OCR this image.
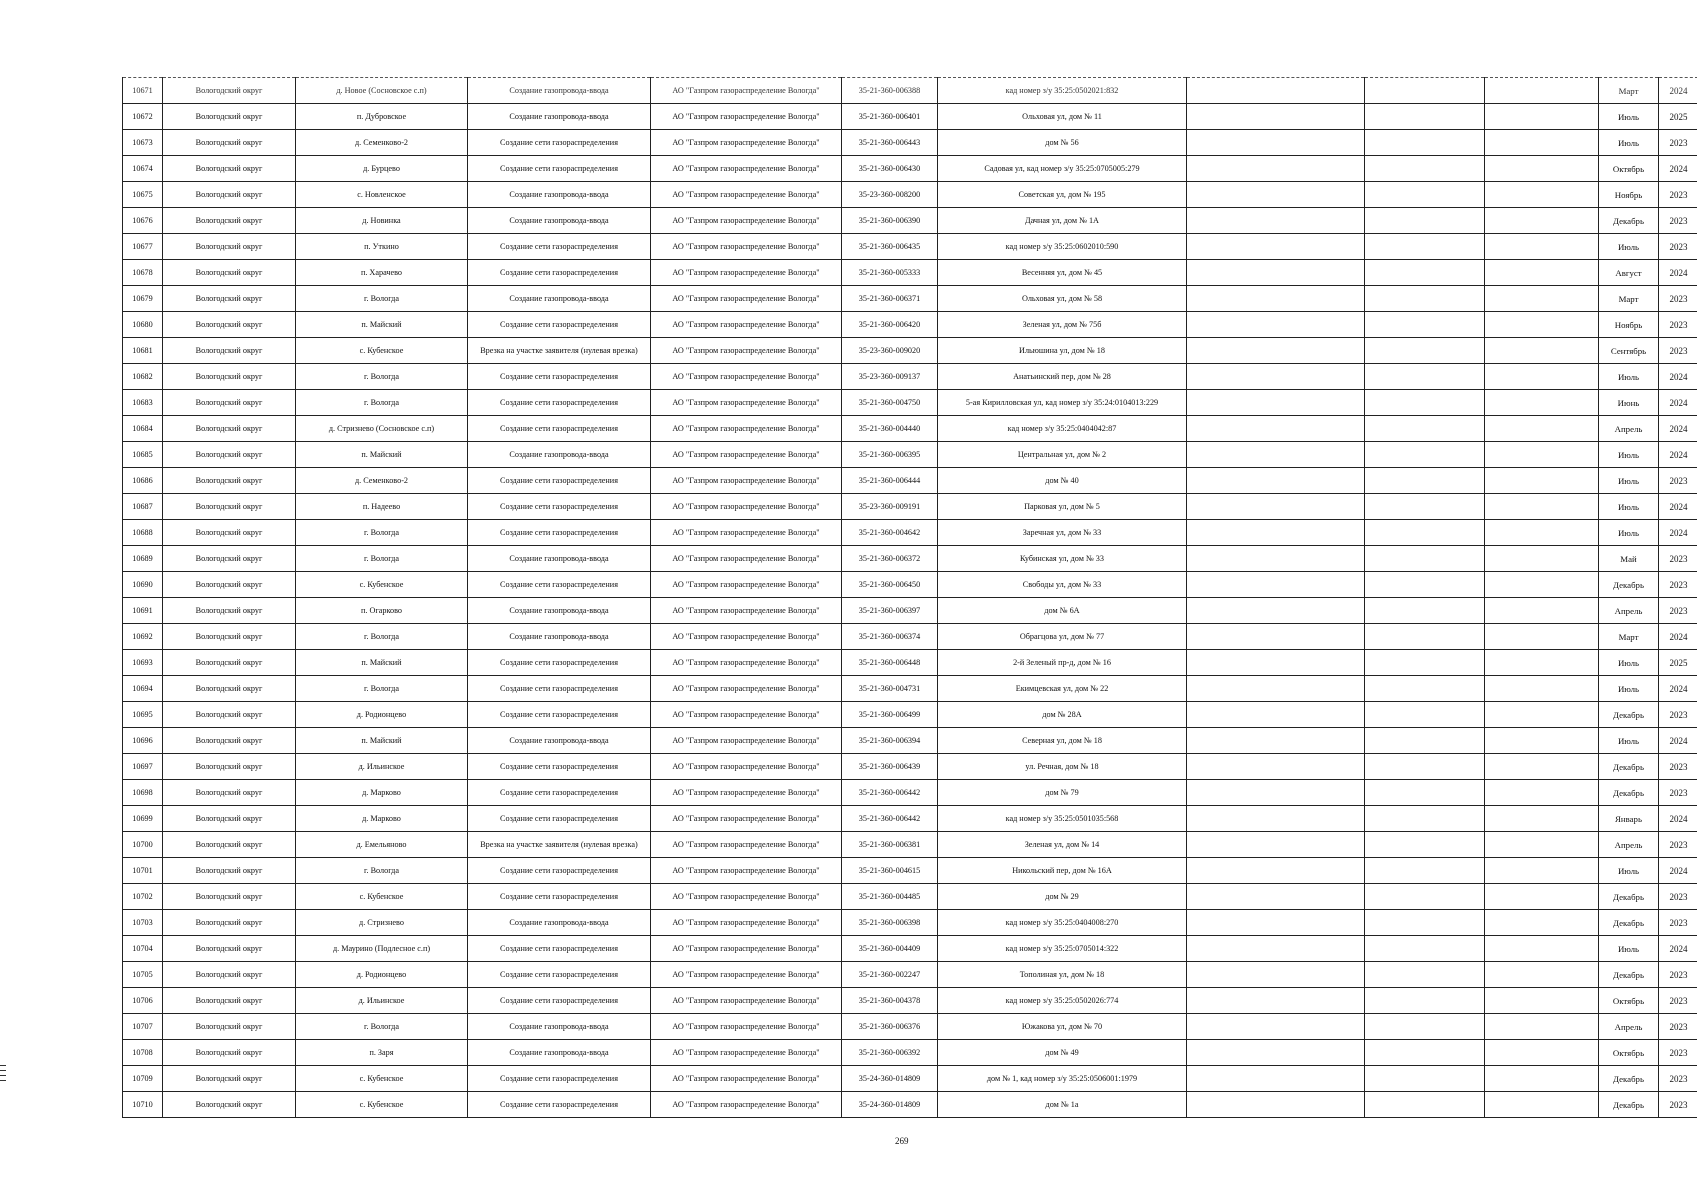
10671	Вологодский округ	д. Новое (Сосновское с.п)	Создание газопровода-ввода	АО "Газпром газораспределение Вологда"	35-21-360-006388	кад номер з/у 35:25:0502021:832				Март	2024
10672	Вологодский округ	п. Дубровское	Создание газопровода-ввода	АО "Газпром газораспределение Вологда"	35-21-360-006401	Ольховая ул, дом № 11				Июль	2025
10673	Вологодский округ	д. Семенково-2	Создание сети газораспределения	АО "Газпром газораспределение Вологда"	35-21-360-006443	дом № 56				Июль	2023
10674	Вологодский округ	д. Бурцево	Создание сети газораспределения	АО "Газпром газораспределение Вологда"	35-21-360-006430	Садовая ул, кад номер з/у 35:25:0705005:279				Октябрь	2024
10675	Вологодский округ	с. Новленское	Создание газопровода-ввода	АО "Газпром газораспределение Вологда"	35-23-360-008200	Советская ул, дом № 195				Ноябрь	2023
10676	Вологодский округ	д. Новинка	Создание газопровода-ввода	АО "Газпром газораспределение Вологда"	35-21-360-006390	Дачная ул, дом № 1А				Декабрь	2023
10677	Вологодский округ	п. Уткино	Создание сети газораспределения	АО "Газпром газораспределение Вологда"	35-21-360-006435	кад номер з/у 35:25:0602010:590				Июль	2023
10678	Вологодский округ	п. Харачево	Создание сети газораспределения	АО "Газпром газораспределение Вологда"	35-21-360-005333	Весенняя ул, дом № 45				Август	2024
10679	Вологодский округ	г. Вологда	Создание газопровода-ввода	АО "Газпром газораспределение Вологда"	35-21-360-006371	Ольховая ул, дом № 58				Март	2023
10680	Вологодский округ	п. Майский	Создание сети газораспределения	АО "Газпром газораспределение Вологда"	35-21-360-006420	Зеленая ул, дом № 75б				Ноябрь	2023
10681	Вологодский округ	с. Кубенское	Врезка на участке заявителя (нулевая врезка)	АО "Газпром газораспределение Вологда"	35-23-360-009020	Ильюшина ул, дом № 18				Сентябрь	2023
10682	Вологодский округ	г. Вологда	Создание сети газораспределения	АО "Газпром газораспределение Вологда"	35-23-360-009137	Анатьинский пер, дом № 28				Июль	2024
10683	Вологодский округ	г. Вологда	Создание сети газораспределения	АО "Газпром газораспределение Вологда"	35-21-360-004750	5-ая Кирилловская ул, кад номер з/у 35:24:0104013:229				Июнь	2024
10684	Вологодский округ	д. Стризнево (Сосновское с.п)	Создание сети газораспределения	АО "Газпром газораспределение Вологда"	35-21-360-004440	кад номер з/у 35:25:0404042:87				Апрель	2024
10685	Вологодский округ	п. Майский	Создание газопровода-ввода	АО "Газпром газораспределение Вологда"	35-21-360-006395	Центральная ул, дом № 2				Июль	2024
10686	Вологодский округ	д. Семенково-2	Создание сети газораспределения	АО "Газпром газораспределение Вологда"	35-21-360-006444	дом № 40				Июль	2023
10687	Вологодский округ	п. Надеево	Создание сети газораспределения	АО "Газпром газораспределение Вологда"	35-23-360-009191	Парковая ул, дом № 5				Июль	2024
10688	Вологодский округ	г. Вологда	Создание сети газораспределения	АО "Газпром газораспределение Вологда"	35-21-360-004642	Заречная ул, дом № 33				Июль	2024
10689	Вологодский округ	г. Вологда	Создание газопровода-ввода	АО "Газпром газораспределение Вологда"	35-21-360-006372	Кубинская ул, дом № 33				Май	2023
10690	Вологодский округ	с. Кубенское	Создание сети газораспределения	АО "Газпром газораспределение Вологда"	35-21-360-006450	Свободы ул, дом № 33				Декабрь	2023
10691	Вологодский округ	п. Огарково	Создание газопровода-ввода	АО "Газпром газораспределение Вологда"	35-21-360-006397	дом № 6А				Апрель	2023
10692	Вологодский округ	г. Вологда	Создание газопровода-ввода	АО "Газпром газораспределение Вологда"	35-21-360-006374	Обрагцова ул, дом № 77				Март	2024
10693	Вологодский округ	п. Майский	Создание сети газораспределения	АО "Газпром газораспределение Вологда"	35-21-360-006448	2-й Зеленый пр-д, дом № 16				Июль	2025
10694	Вологодский округ	г. Вологда	Создание сети газораспределения	АО "Газпром газораспределение Вологда"	35-21-360-004731	Екимцевская ул, дом № 22				Июль	2024
10695	Вологодский округ	д. Родионцево	Создание сети газораспределения	АО "Газпром газораспределение Вологда"	35-21-360-006499	дом № 28А				Декабрь	2023
10696	Вологодский округ	п. Майский	Создание газопровода-ввода	АО "Газпром газораспределение Вологда"	35-21-360-006394	Северная ул, дом № 18				Июль	2024
10697	Вологодский округ	д. Ильинское	Создание сети газораспределения	АО "Газпром газораспределение Вологда"	35-21-360-006439	ул. Речная, дом № 18				Декабрь	2023
10698	Вологодский округ	д. Марково	Создание сети газораспределения	АО "Газпром газораспределение Вологда"	35-21-360-006442	дом № 79				Декабрь	2023
10699	Вологодский округ	д. Марково	Создание сети газораспределения	АО "Газпром газораспределение Вологда"	35-21-360-006442	кад номер з/у 35:25:0501035:568				Январь	2024
10700	Вологодский округ	д. Емельяново	Врезка на участке заявителя (нулевая врезка)	АО "Газпром газораспределение Вологда"	35-21-360-006381	Зеленая ул, дом № 14				Апрель	2023
10701	Вологодский округ	г. Вологда	Создание сети газораспределения	АО "Газпром газораспределение Вологда"	35-21-360-004615	Никольский пер, дом № 16А				Июль	2024
10702	Вологодский округ	с. Кубенское	Создание сети газораспределения	АО "Газпром газораспределение Вологда"	35-21-360-004485	дом № 29				Декабрь	2023
10703	Вологодский округ	д. Стризнево	Создание газопровода-ввода	АО "Газпром газораспределение Вологда"	35-21-360-006398	кад номер з/у 35:25:0404008:270				Декабрь	2023
10704	Вологодский округ	д. Маурино (Подлесное с.п)	Создание сети газораспределения	АО "Газпром газораспределение Вологда"	35-21-360-004409	кад номер з/у 35:25:0705014:322				Июль	2024
10705	Вологодский округ	д. Родионцево	Создание сети газораспределения	АО "Газпром газораспределение Вологда"	35-21-360-002247	Тополиная ул, дом № 18				Декабрь	2023
10706	Вологодский округ	д. Ильинское	Создание сети газораспределения	АО "Газпром газораспределение Вологда"	35-21-360-004378	кад номер з/у 35:25:0502026:774				Октябрь	2023
10707	Вологодский округ	г. Вологда	Создание газопровода-ввода	АО "Газпром газораспределение Вологда"	35-21-360-006376	Южакова ул, дом № 70				Апрель	2023
10708	Вологодский округ	п. Заря	Создание газопровода-ввода	АО "Газпром газораспределение Вологда"	35-21-360-006392	дом № 49				Октябрь	2023
10709	Вологодский округ	с. Кубенское	Создание сети газораспределения	АО "Газпром газораспределение Вологда"	35-24-360-014809	дом № 1, кад номер з/у 35:25:0506001:1979				Декабрь	2023
10710	Вологодский округ	с. Кубенское	Создание сети газораспределения	АО "Газпром газораспределение Вологда"	35-24-360-014809	дом № 1а				Декабрь	2023
269
